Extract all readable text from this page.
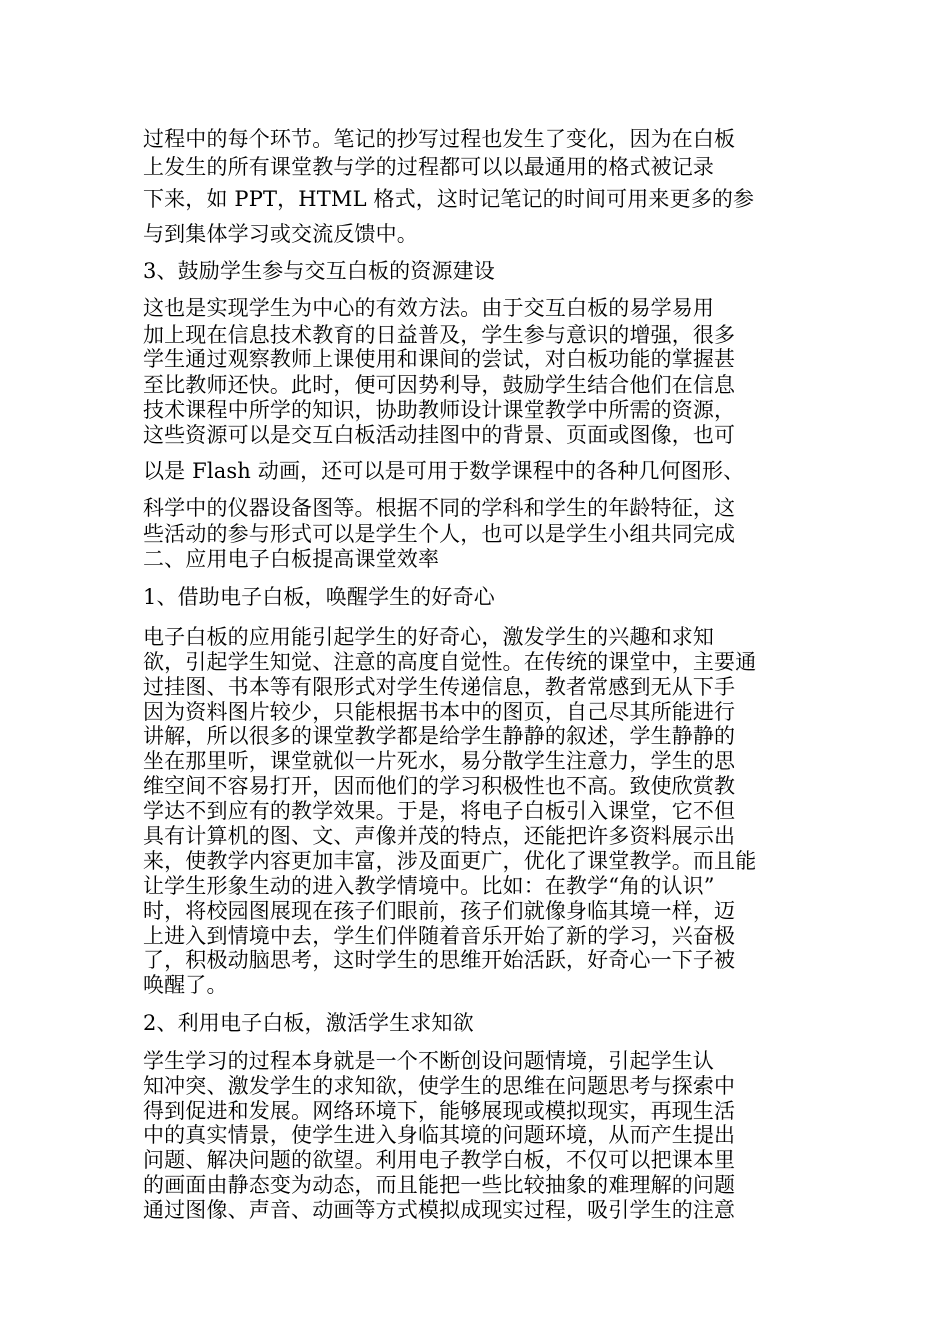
过程中的每个环节。笔记的抄写过程也发生了变化，因为在白板
上发生的所有课堂教与学的过程都可以以最通用的格式被记录
下来，如 PPT，HTML 格式，这时记笔记的时间可用来更多的参
与到集体学习或交流反馈中。
3、鼓励学生参与交互白板的资源建设
这也是实现学生为中心的有效方法。由于交互白板的易学易用
加上现在信息技术教育的日益普及，学生参与意识的增强，很多
学生通过观察教师上课使用和课间的尝试，对白板功能的掌握甚
至比教师还快。此时，便可因势利导，鼓励学生结合他们在信息
技术课程中所学的知识，协助教师设计课堂教学中所需的资源，
这些资源可以是交互白板活动挂图中的背景、页面或图像，也可
以是 Flash 动画，还可以是可用于数学课程中的各种几何图形、
科学中的仪器设备图等。根据不同的学科和学生的年龄特征，这
些活动的参与形式可以是学生个人，也可以是学生小组共同完成
二、应用电子白板提高课堂效率
1、借助电子白板，唤醒学生的好奇心
电子白板的应用能引起学生的好奇心，激发学生的兴趣和求知
欲，引起学生知觉、注意的高度自觉性。在传统的课堂中，主要通
过挂图、书本等有限形式对学生传递信息，教者常感到无从下手
因为资料图片较少，只能根据书本中的图页，自己尽其所能进行
讲解，所以很多的课堂教学都是给学生静静的叙述，学生静静的
坐在那里听，课堂就似一片死水，易分散学生注意力，学生的思
维空间不容易打开，因而他们的学习积极性也不高。致使欣赏教
学达不到应有的教学效果。于是，将电子白板引入课堂，它不但
具有计算机的图、文、声像并茂的特点，还能把许多资料展示出
来，使教学内容更加丰富，涉及面更广，优化了课堂教学。而且能
让学生形象生动的进入教学情境中。比如：在教学“角的认识”
时，将校园图展现在孩子们眼前，孩子们就像身临其境一样，迈
上进入到情境中去，学生们伴随着音乐开始了新的学习，兴奋极
了，积极动脑思考，这时学生的思维开始活跃，好奇心一下子被
唤醒了。
2、利用电子白板，激活学生求知欲
学生学习的过程本身就是一个不断创设问题情境，引起学生认
知冲突、激发学生的求知欲，使学生的思维在问题思考与探索中
得到促进和发展。网络环境下，能够展现或模拟现实，再现生活
中的真实情景，使学生进入身临其境的问题环境，从而产生提出
问题、解决问题的欲望。利用电子教学白板，不仅可以把课本里
的画面由静态变为动态，而且能把一些比较抽象的难理解的问题
通过图像、声音、动画等方式模拟成现实过程，吸引学生的注意
